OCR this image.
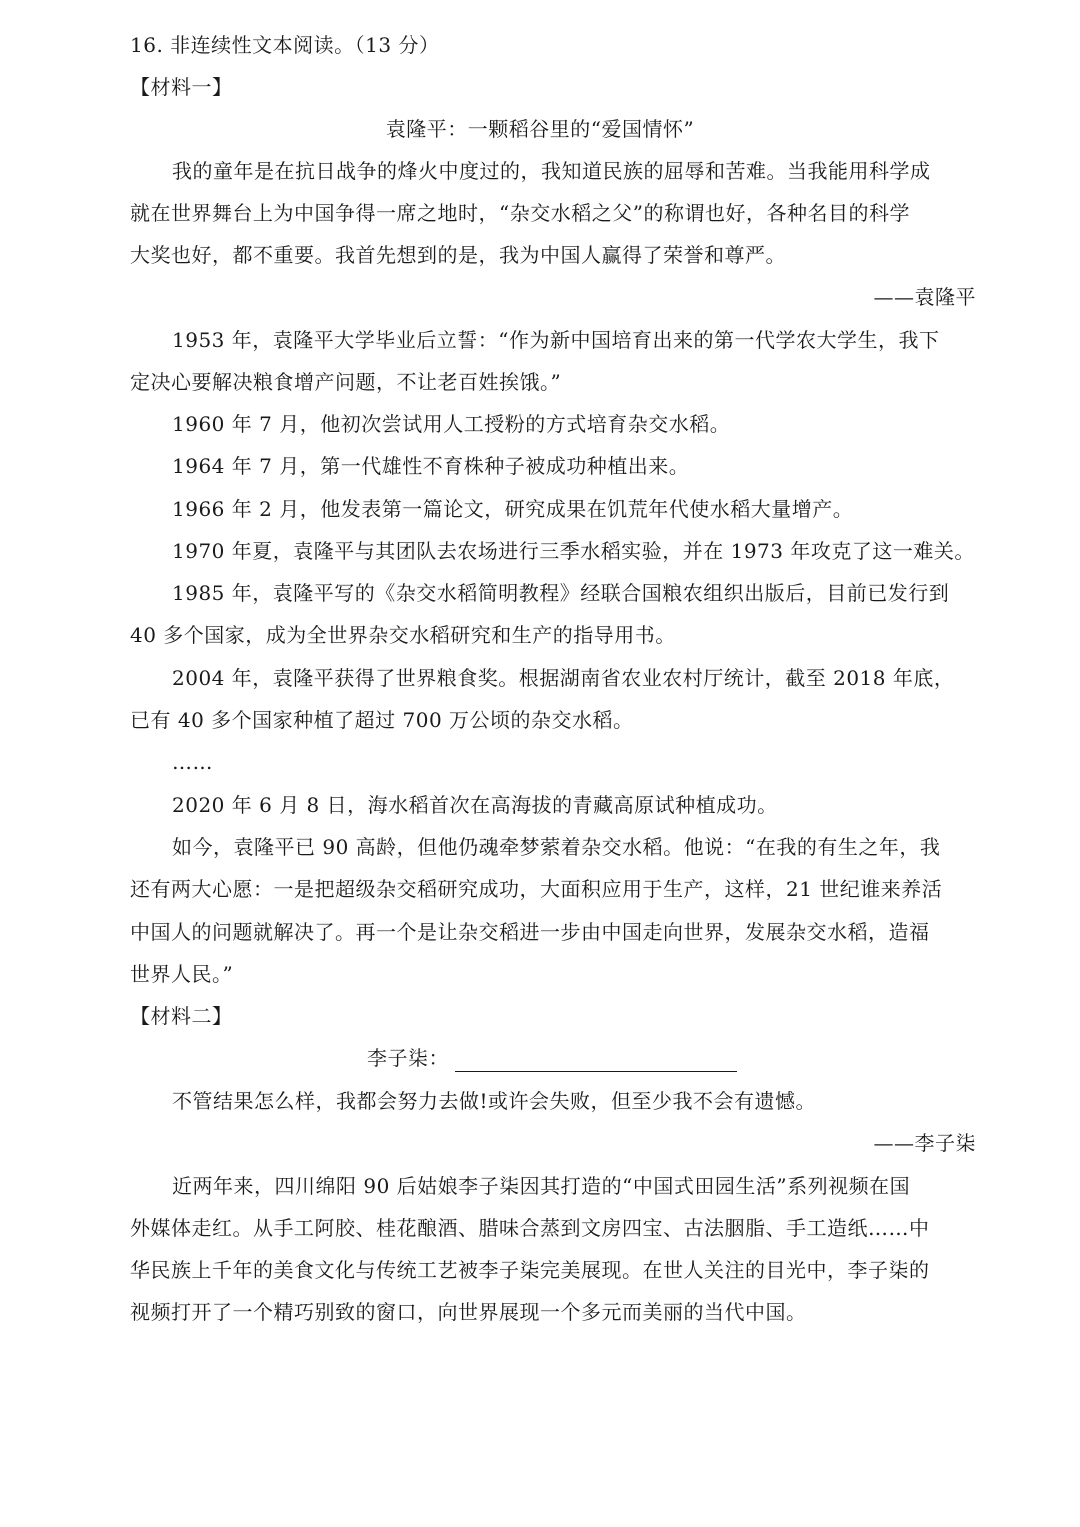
16. 非连续性文本阅读。（13 分）
【材料一】
袁隆平：一颗稻谷里的“爱国情怀”
我的童年是在抗日战争的烽火中度过的，我知道民族的屈辱和苦难。当我能用科学成
就在世界舞台上为中国争得一席之地时，“杂交水稻之父”的称谓也好，各种名目的科学
大奖也好，都不重要。我首先想到的是，我为中国人赢得了荣誉和尊严。
——袁隆平
1953 年，袁隆平大学毕业后立誓：“作为新中国培育出来的第一代学农大学生，我下
定决心要解决粮食增产问题，不让老百姓挨饿。”
1960 年 7 月，他初次尝试用人工授粉的方式培育杂交水稻。
1964 年 7 月，第一代雄性不育株种子被成功种植出来。
1966 年 2 月，他发表第一篇论文，研究成果在饥荒年代使水稻大量增产。
1970 年夏，袁隆平与其团队去农场进行三季水稻实验，并在 1973 年攻克了这一难关。
1985 年，袁隆平写的《杂交水稻简明教程》经联合国粮农组织出版后，目前已发行到
40 多个国家，成为全世界杂交水稻研究和生产的指导用书。
2004 年，袁隆平获得了世界粮食奖。根据湖南省农业农村厅统计，截至 2018 年底，
已有 40 多个国家种植了超过 700 万公顷的杂交水稻。
……
2020 年 6 月 8 日，海水稻首次在高海拔的青藏高原试种植成功。
如今，袁隆平已 90 高龄，但他仍魂牵梦萦着杂交水稻。他说：“在我的有生之年，我
还有两大心愿：一是把超级杂交稻研究成功，大面积应用于生产，这样，21 世纪谁来养活
中国人的问题就解决了。再一个是让杂交稻进一步由中国走向世界，发展杂交水稻，造福
世界人民。”
【材料二】
李子柒：
不管结果怎么样，我都会努力去做!或许会失败，但至少我不会有遗憾。
——李子柒
近两年来，四川绵阳 90 后姑娘李子柒因其打造的“中国式田园生活”系列视频在国
外媒体走红。从手工阿胶、桂花酿酒、腊味合蒸到文房四宝、古法胭脂、手工造纸……中
华民族上千年的美食文化与传统工艺被李子柒完美展现。在世人关注的目光中，李子柒的
视频打开了一个精巧别致的窗口，向世界展现一个多元而美丽的当代中国。
